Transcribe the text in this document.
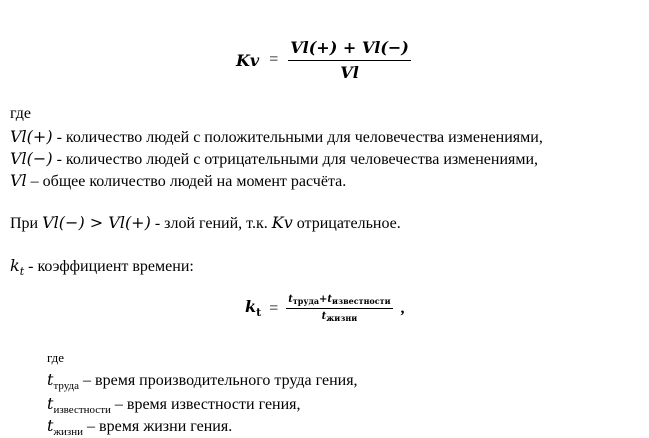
$Kv = \frac{Vl(+) + Vl(-)}{Vl}$
где
Vl(+) - количество людей с положительными для человечества изменениями,
Vl(−) - количество людей с отрицательными для человечества изменениями,
Vl – общее количество людей на момент расчёта.
При Vl(−) > Vl(+) - злой гений, т.к. Kv отрицательное.
$k_t$ - коэффициент времени:
$k_t = \frac{t_{труда}+t_{известности}}{t_{жизни}}$ ,
где
$t_{труда}$ – время производительного труда гения,
$t_{известности}$ – время известности гения,
$t_{жизни}$ – время жизни гения.
